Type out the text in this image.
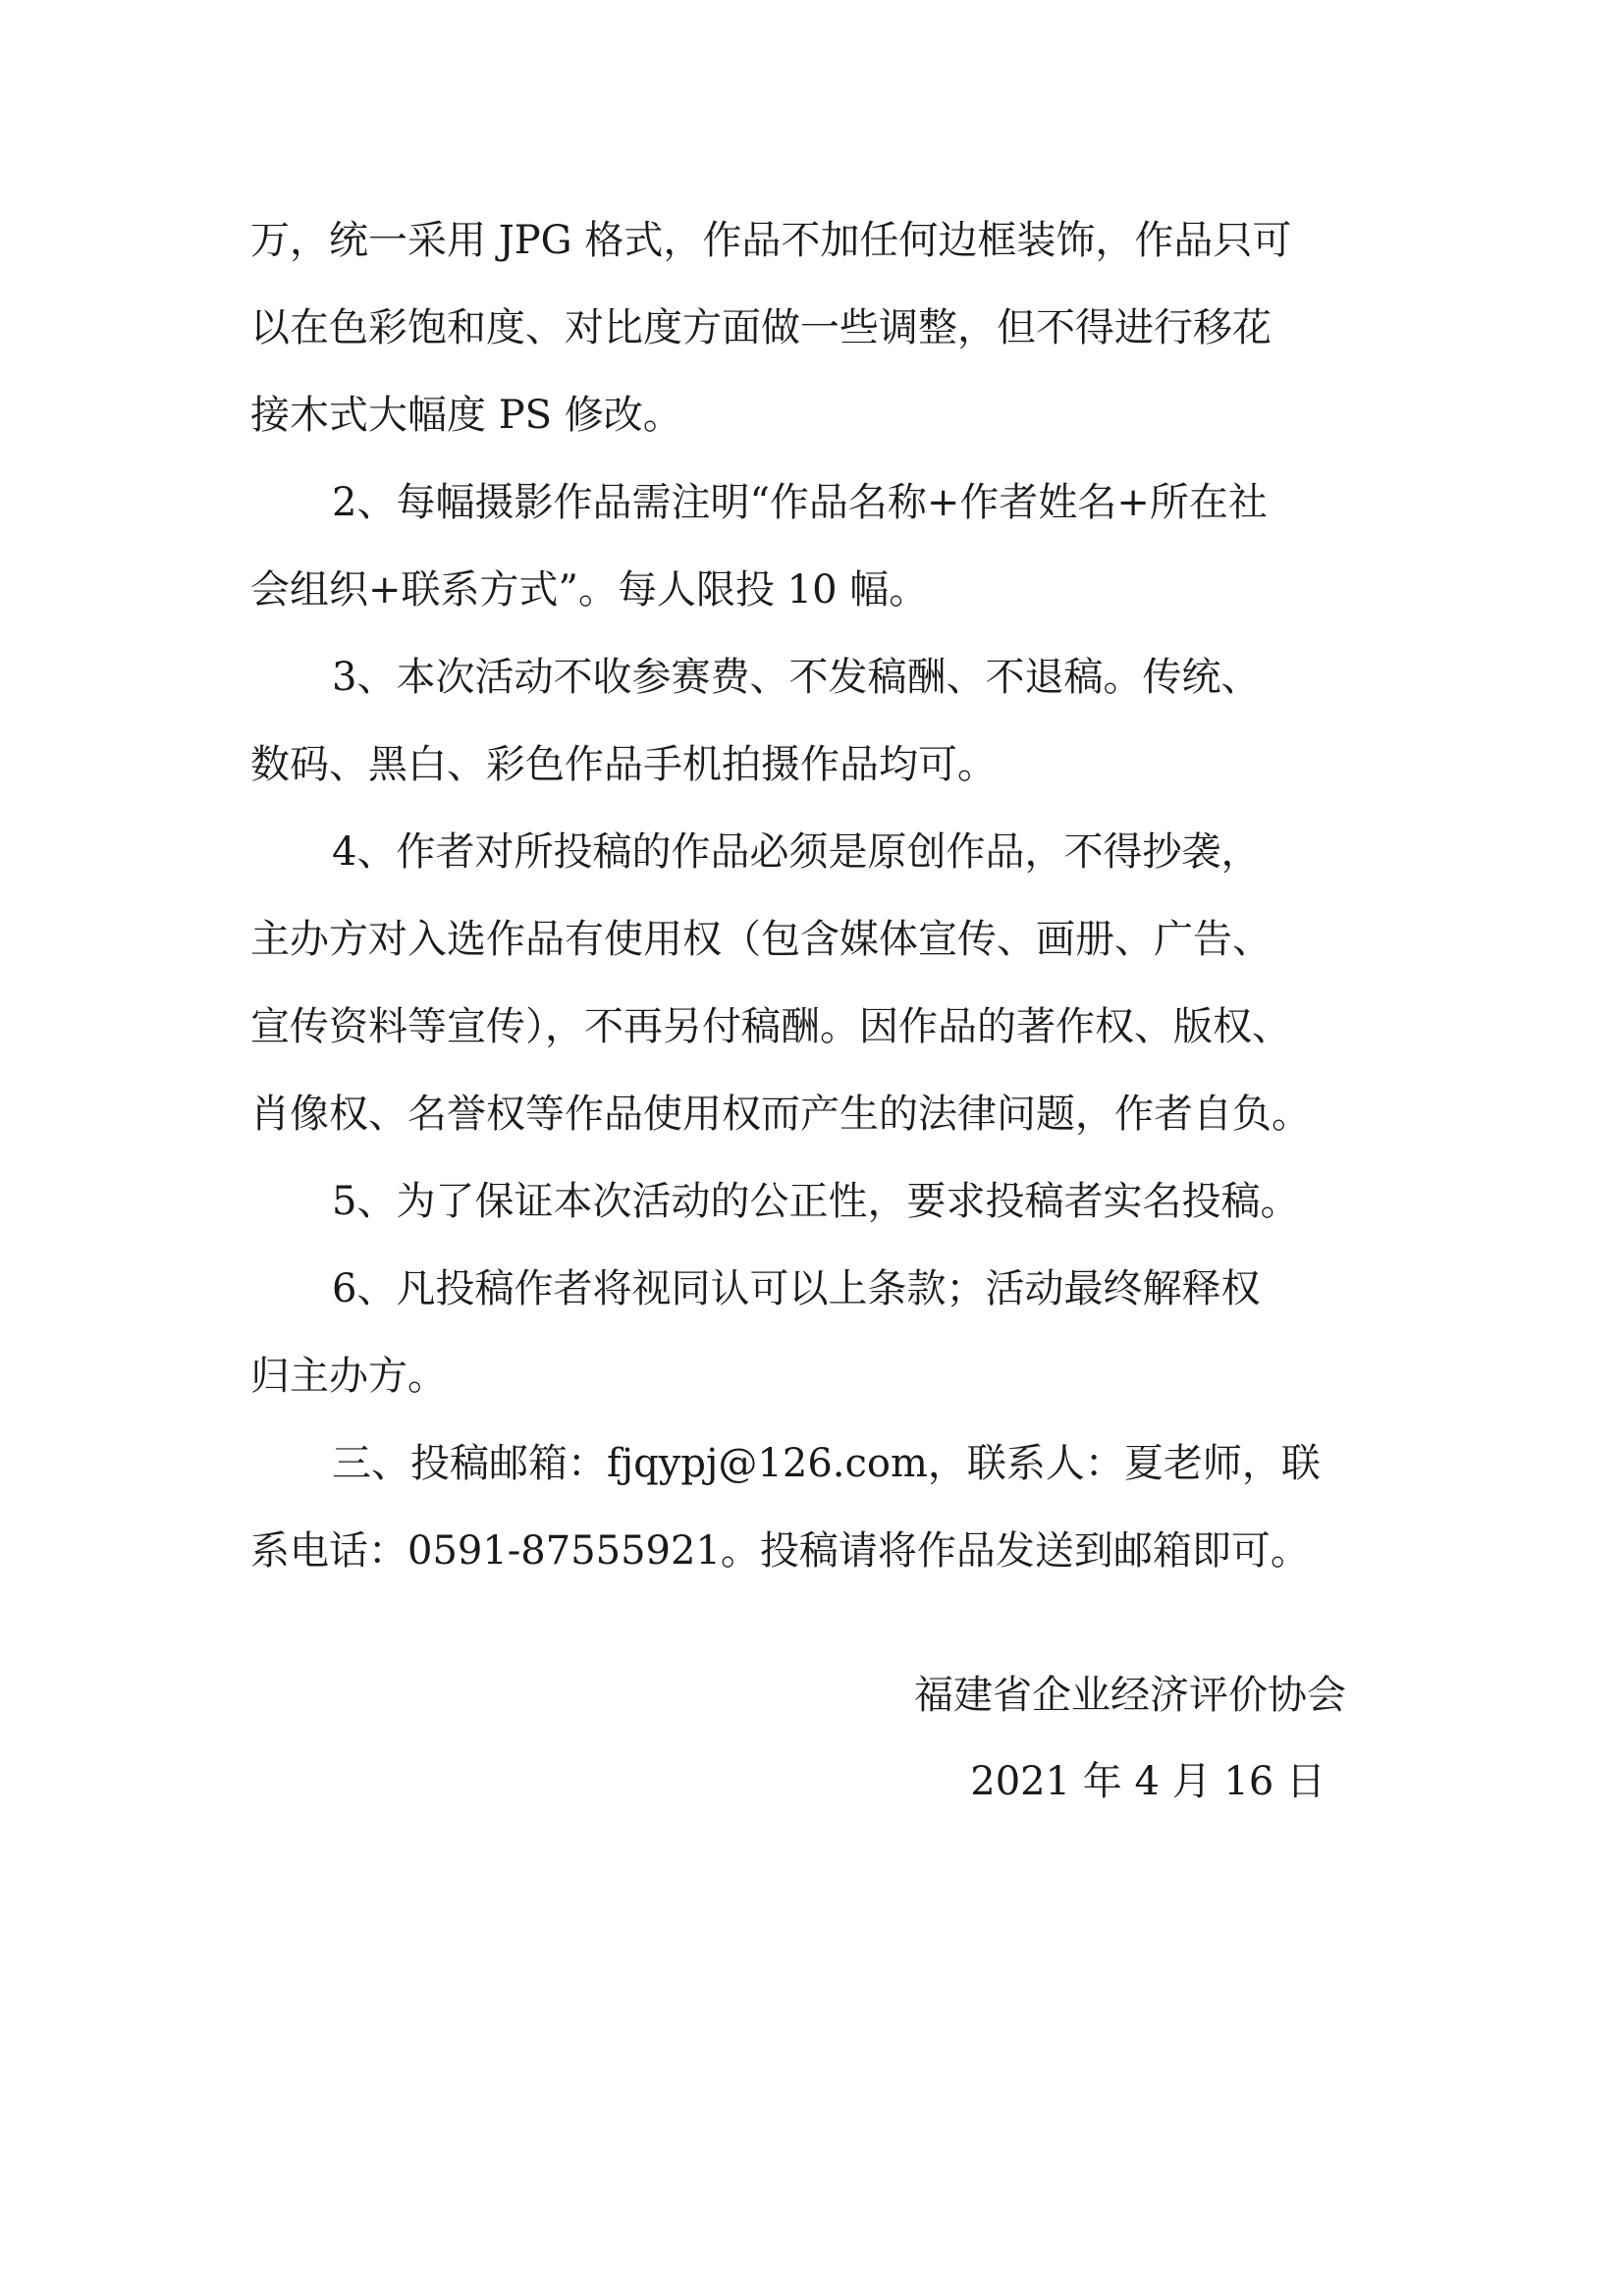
万，统一采用 JPG 格式，作品不加任何边框装饰，作品只可
以在色彩饱和度、对比度方面做一些调整，但不得进行移花
接木式大幅度 PS 修改。
2、每幅摄影作品需注明“作品名称+作者姓名+所在社
会组织+联系方式”。每人限投 10 幅。
3、本次活动不收参赛费、不发稿酬、不退稿。传统、
数码、黑白、彩色作品手机拍摄作品均可。
4、作者对所投稿的作品必须是原创作品，不得抄袭，
主办方对入选作品有使用权（包含媒体宣传、画册、广告、
宣传资料等宣传），不再另付稿酬。因作品的著作权、版权、
肖像权、名誉权等作品使用权而产生的法律问题，作者自负。
5、为了保证本次活动的公正性，要求投稿者实名投稿。
6、凡投稿作者将视同认可以上条款；活动最终解释权
归主办方。
三、投稿邮箱：fjqypj@126.com，联系人：夏老师，联
系电话：0591-87555921。投稿请将作品发送到邮箱即可。
福建省企业经济评价协会
2021 年 4 月 16 日
